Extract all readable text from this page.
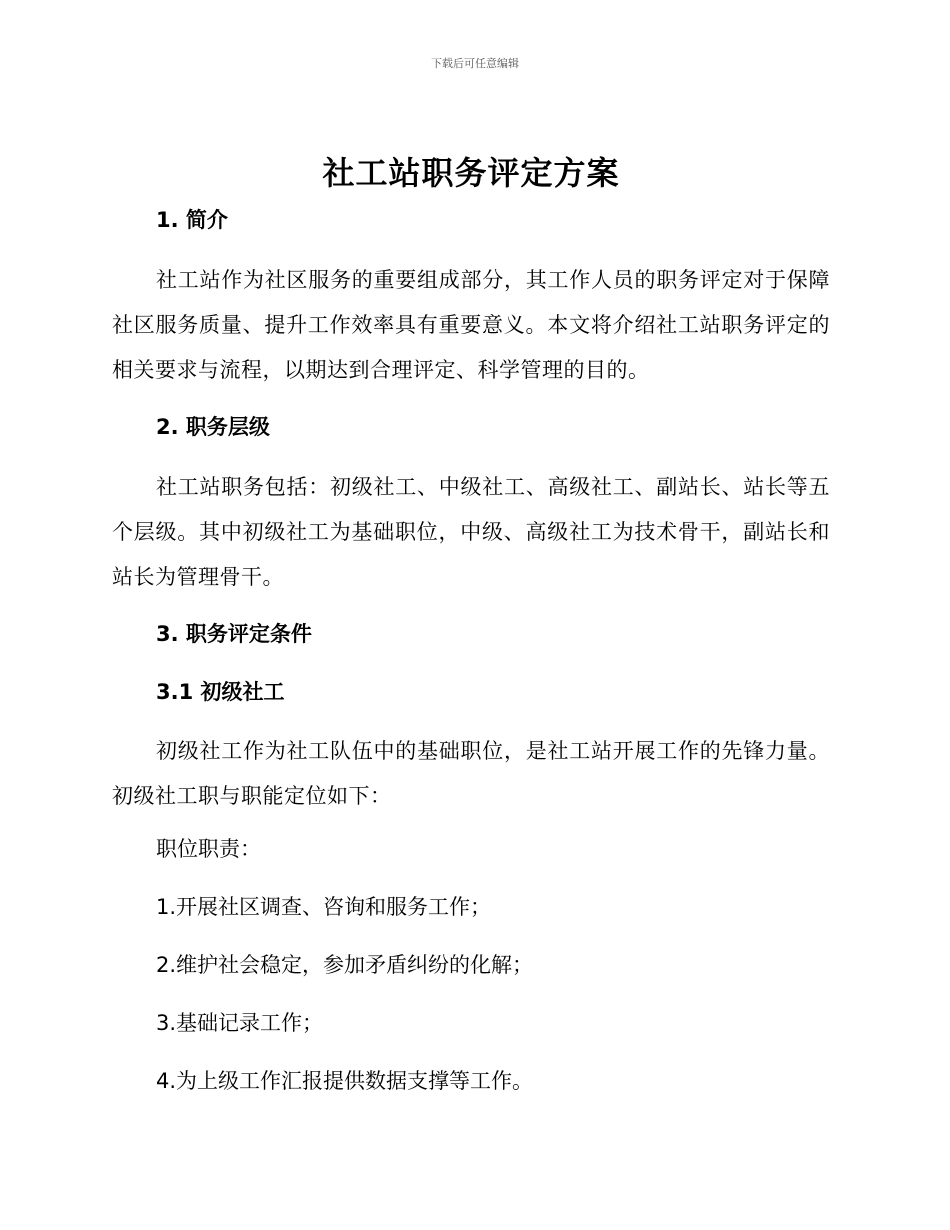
下载后可任意编辑
社工站职务评定方案
1. 简介

社工站作为社区服务的重要组成部分，其工作人员的职务评定对于保障社区服务质量、提升工作效率具有重要意义。本文将介绍社工站职务评定的相关要求与流程，以期达到合理评定、科学管理的目的。

2. 职务层级

社工站职务包括：初级社工、中级社工、高级社工、副站长、站长等五个层级。其中初级社工为基础职位，中级、高级社工为技术骨干，副站长和站长为管理骨干。

3. 职务评定条件
3.1 初级社工

初级社工作为社工队伍中的基础职位，是社工站开展工作的先锋力量。初级社工职与职能定位如下：

职位职责：
1.开展社区调查、咨询和服务工作；
2.维护社会稳定，参加矛盾纠纷的化解；
3.基础记录工作；
4.为上级工作汇报提供数据支撑等工作。
